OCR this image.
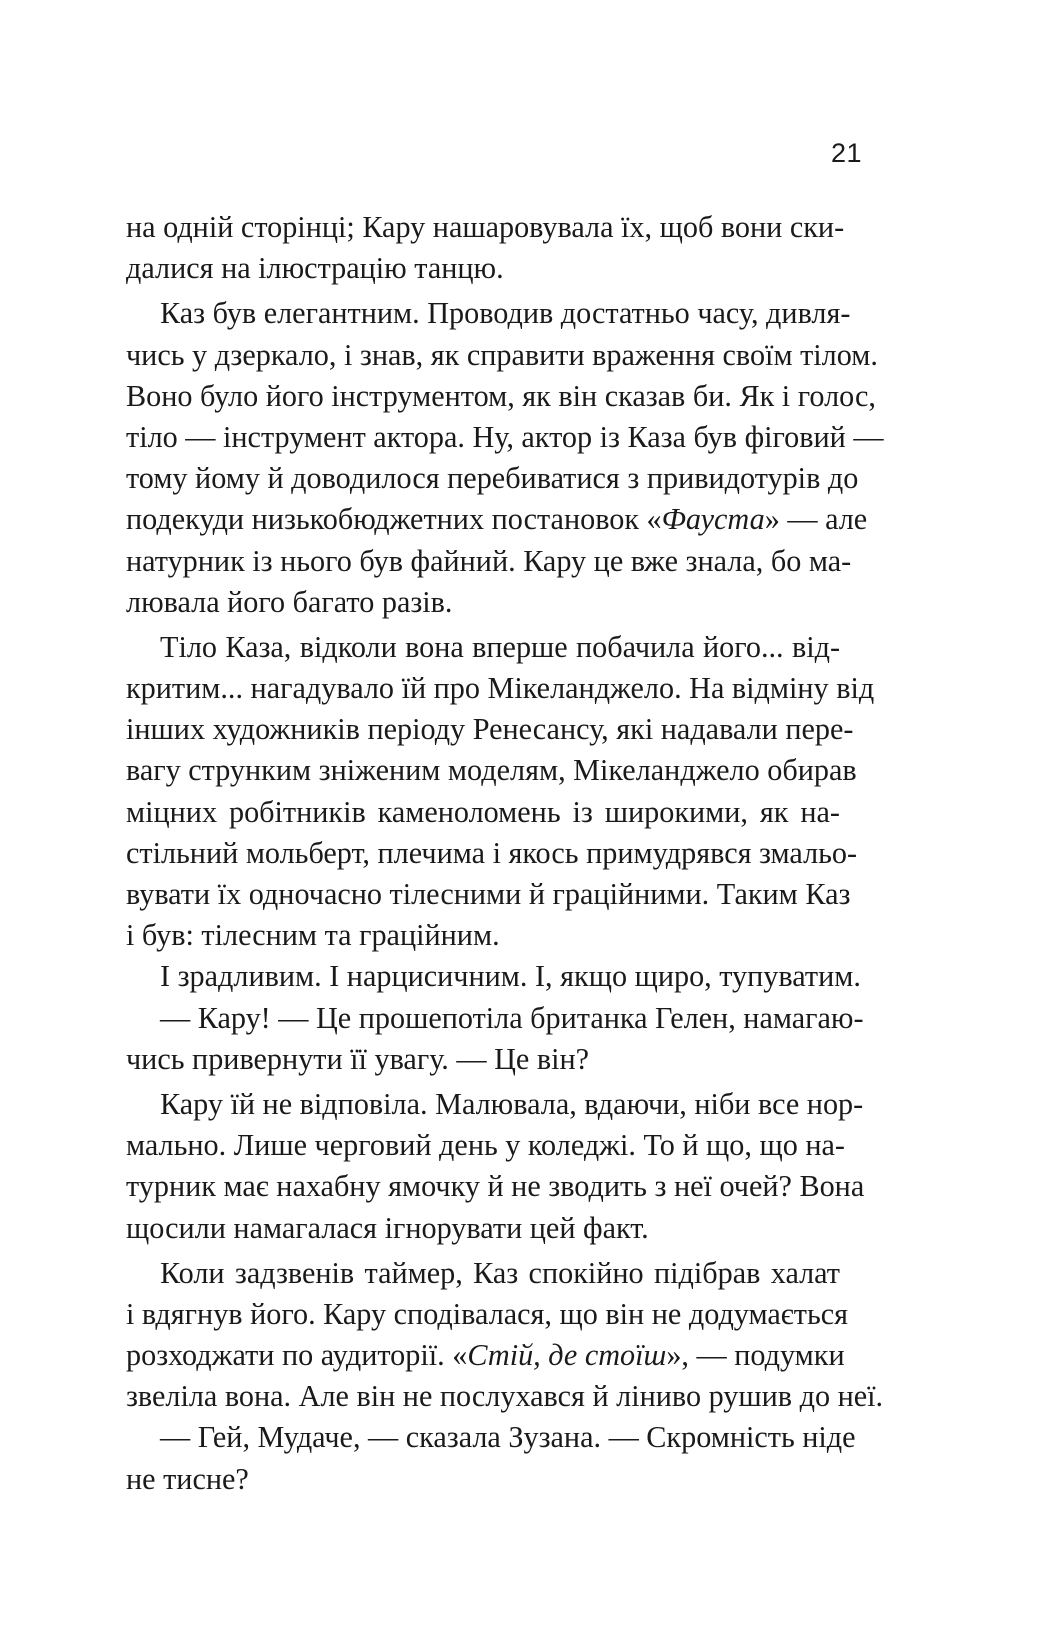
21
на одній сторінці; Кару нашаровувала їх, щоб вони ски-
далися на ілюстрацію танцю.
Каз був елегантним. Проводив достатньо часу, дивля-
чись у дзеркало, і знав, як справити враження своїм тілом.
Воно було його інструментом, як він сказав би. Як і голос,
тіло — інструмент актора. Ну, актор із Каза був фіговий —
тому йому й доводилося перебиватися з привидотурів до
подекуди низькобюджетних постановок «Фауста» — але
натурник із нього був файний. Кару це вже знала, бо ма-
лювала його багато разів.
Тіло Каза, відколи вона вперше побачила його... від-
критим... нагадувало їй про Мікеланджело. На відміну від
інших художників періоду Ренесансу, які надавали пере-
вагу струнким зніженим моделям, Мікеланджело обирав
міцних робітників каменоломень із широкими, як на-
стільний мольберт, плечима і якось примудрявся змальо-
вувати їх одночасно тілесними й граційними. Таким Каз
і був: тілесним та граційним.
І зрадливим. І нарцисичним. І, якщо щиро, тупуватим.
— Кару! — Це прошепотіла британка Гелен, намагаю-
чись привернути її увагу. — Це він?
Кару їй не відповіла. Малювала, вдаючи, ніби все нор-
мально. Лише черговий день у коледжі. То й що, що на-
турник має нахабну ямочку й не зводить з неї очей? Вона
щосили намагалася ігнорувати цей факт.
Коли задзвенів таймер, Каз спокійно підібрав халат
і вдягнув його. Кару сподівалася, що він не додумається
розходжати по аудиторії. «Стій, де стоїш», — подумки
звеліла вона. Але він не послухався й ліниво рушив до неї.
— Гей, Мудаче, — сказала Зузана. — Скромність ніде
не тисне?
